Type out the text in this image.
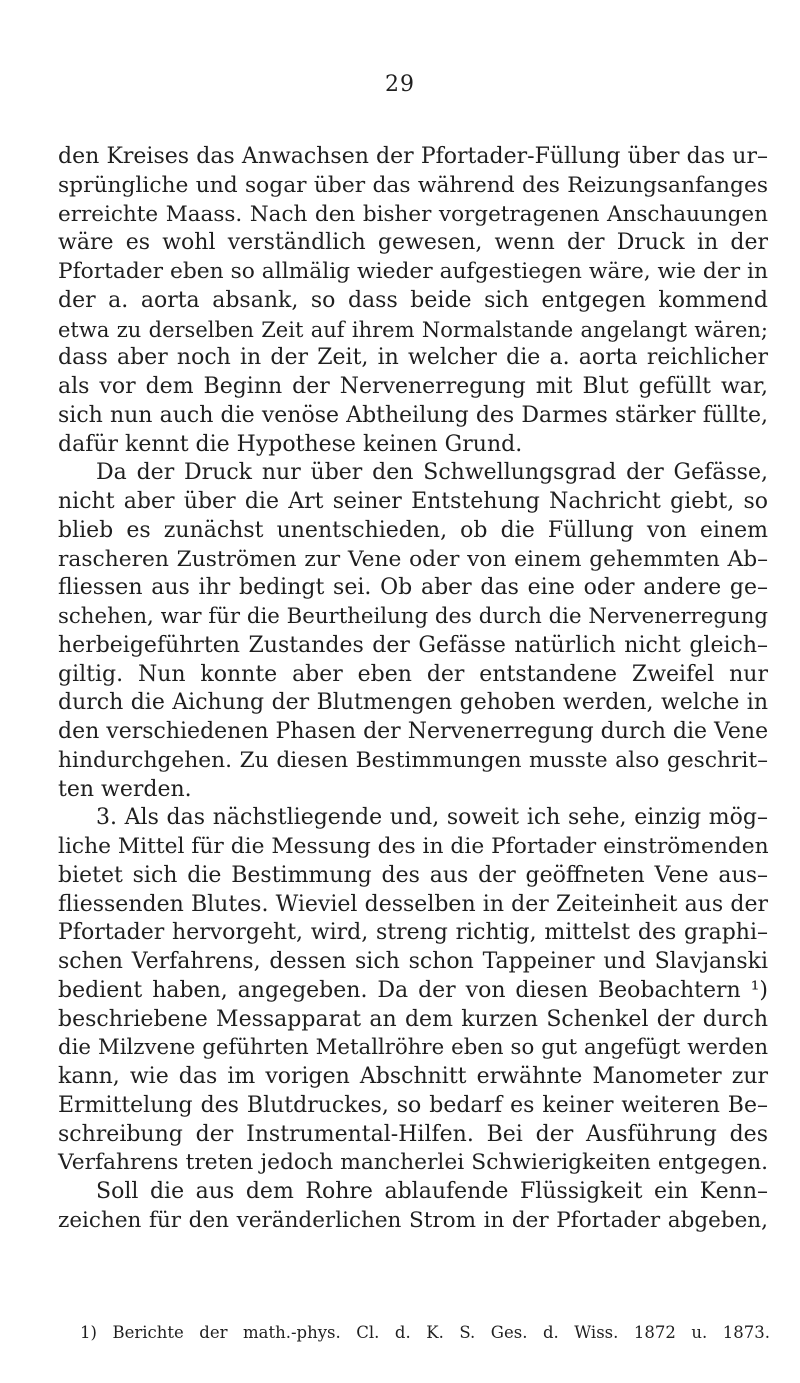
29
den Kreises das Anwachsen der Pfortader-Füllung über das ur–
sprüngliche und sogar über das während des Reizungsanfanges
erreichte Maass. Nach den bisher vorgetragenen Anschauungen
wäre es wohl verständlich gewesen, wenn der Druck in der
Pfortader eben so allmälig wieder aufgestiegen wäre, wie der in
der a. aorta absank, so dass beide sich entgegen kommend
etwa zu derselben Zeit auf ihrem Normalstande angelangt wären;
dass aber noch in der Zeit, in welcher die a. aorta reichlicher
als vor dem Beginn der Nervenerregung mit Blut gefüllt war,
sich nun auch die venöse Abtheilung des Darmes stärker füllte,
dafür kennt die Hypothese keinen Grund.
Da der Druck nur über den Schwellungsgrad der Gefässe,
nicht aber über die Art seiner Entstehung Nachricht giebt, so
blieb es zunächst unentschieden, ob die Füllung von einem
rascheren Zuströmen zur Vene oder von einem gehemmten Ab–
fliessen aus ihr bedingt sei. Ob aber das eine oder andere ge–
schehen, war für die Beurtheilung des durch die Nervenerregung
herbeigeführten Zustandes der Gefässe natürlich nicht gleich–
giltig. Nun konnte aber eben der entstandene Zweifel nur
durch die Aichung der Blutmengen gehoben werden, welche in
den verschiedenen Phasen der Nervenerregung durch die Vene
hindurchgehen. Zu diesen Bestimmungen musste also geschrit–
ten werden.
3. Als das nächstliegende und, soweit ich sehe, einzig mög–
liche Mittel für die Messung des in die Pfortader einströmenden
bietet sich die Bestimmung des aus der geöffneten Vene aus–
fliessenden Blutes. Wieviel desselben in der Zeiteinheit aus der
Pfortader hervorgeht, wird, streng richtig, mittelst des graphi–
schen Verfahrens, dessen sich schon Tappeiner und Slavjanski
bedient haben, angegeben. Da der von diesen Beobachtern ¹)
beschriebene Messapparat an dem kurzen Schenkel der durch
die Milzvene geführten Metallröhre eben so gut angefügt werden
kann, wie das im vorigen Abschnitt erwähnte Manometer zur
Ermittelung des Blutdruckes, so bedarf es keiner weiteren Be–
schreibung der Instrumental-Hilfen. Bei der Ausführung des
Verfahrens treten jedoch mancherlei Schwierigkeiten entgegen.
Soll die aus dem Rohre ablaufende Flüssigkeit ein Kenn–
zeichen für den veränderlichen Strom in der Pfortader abgeben,
1) Berichte der math.-phys. Cl. d. K. S. Ges. d. Wiss. 1872 u. 1873.
